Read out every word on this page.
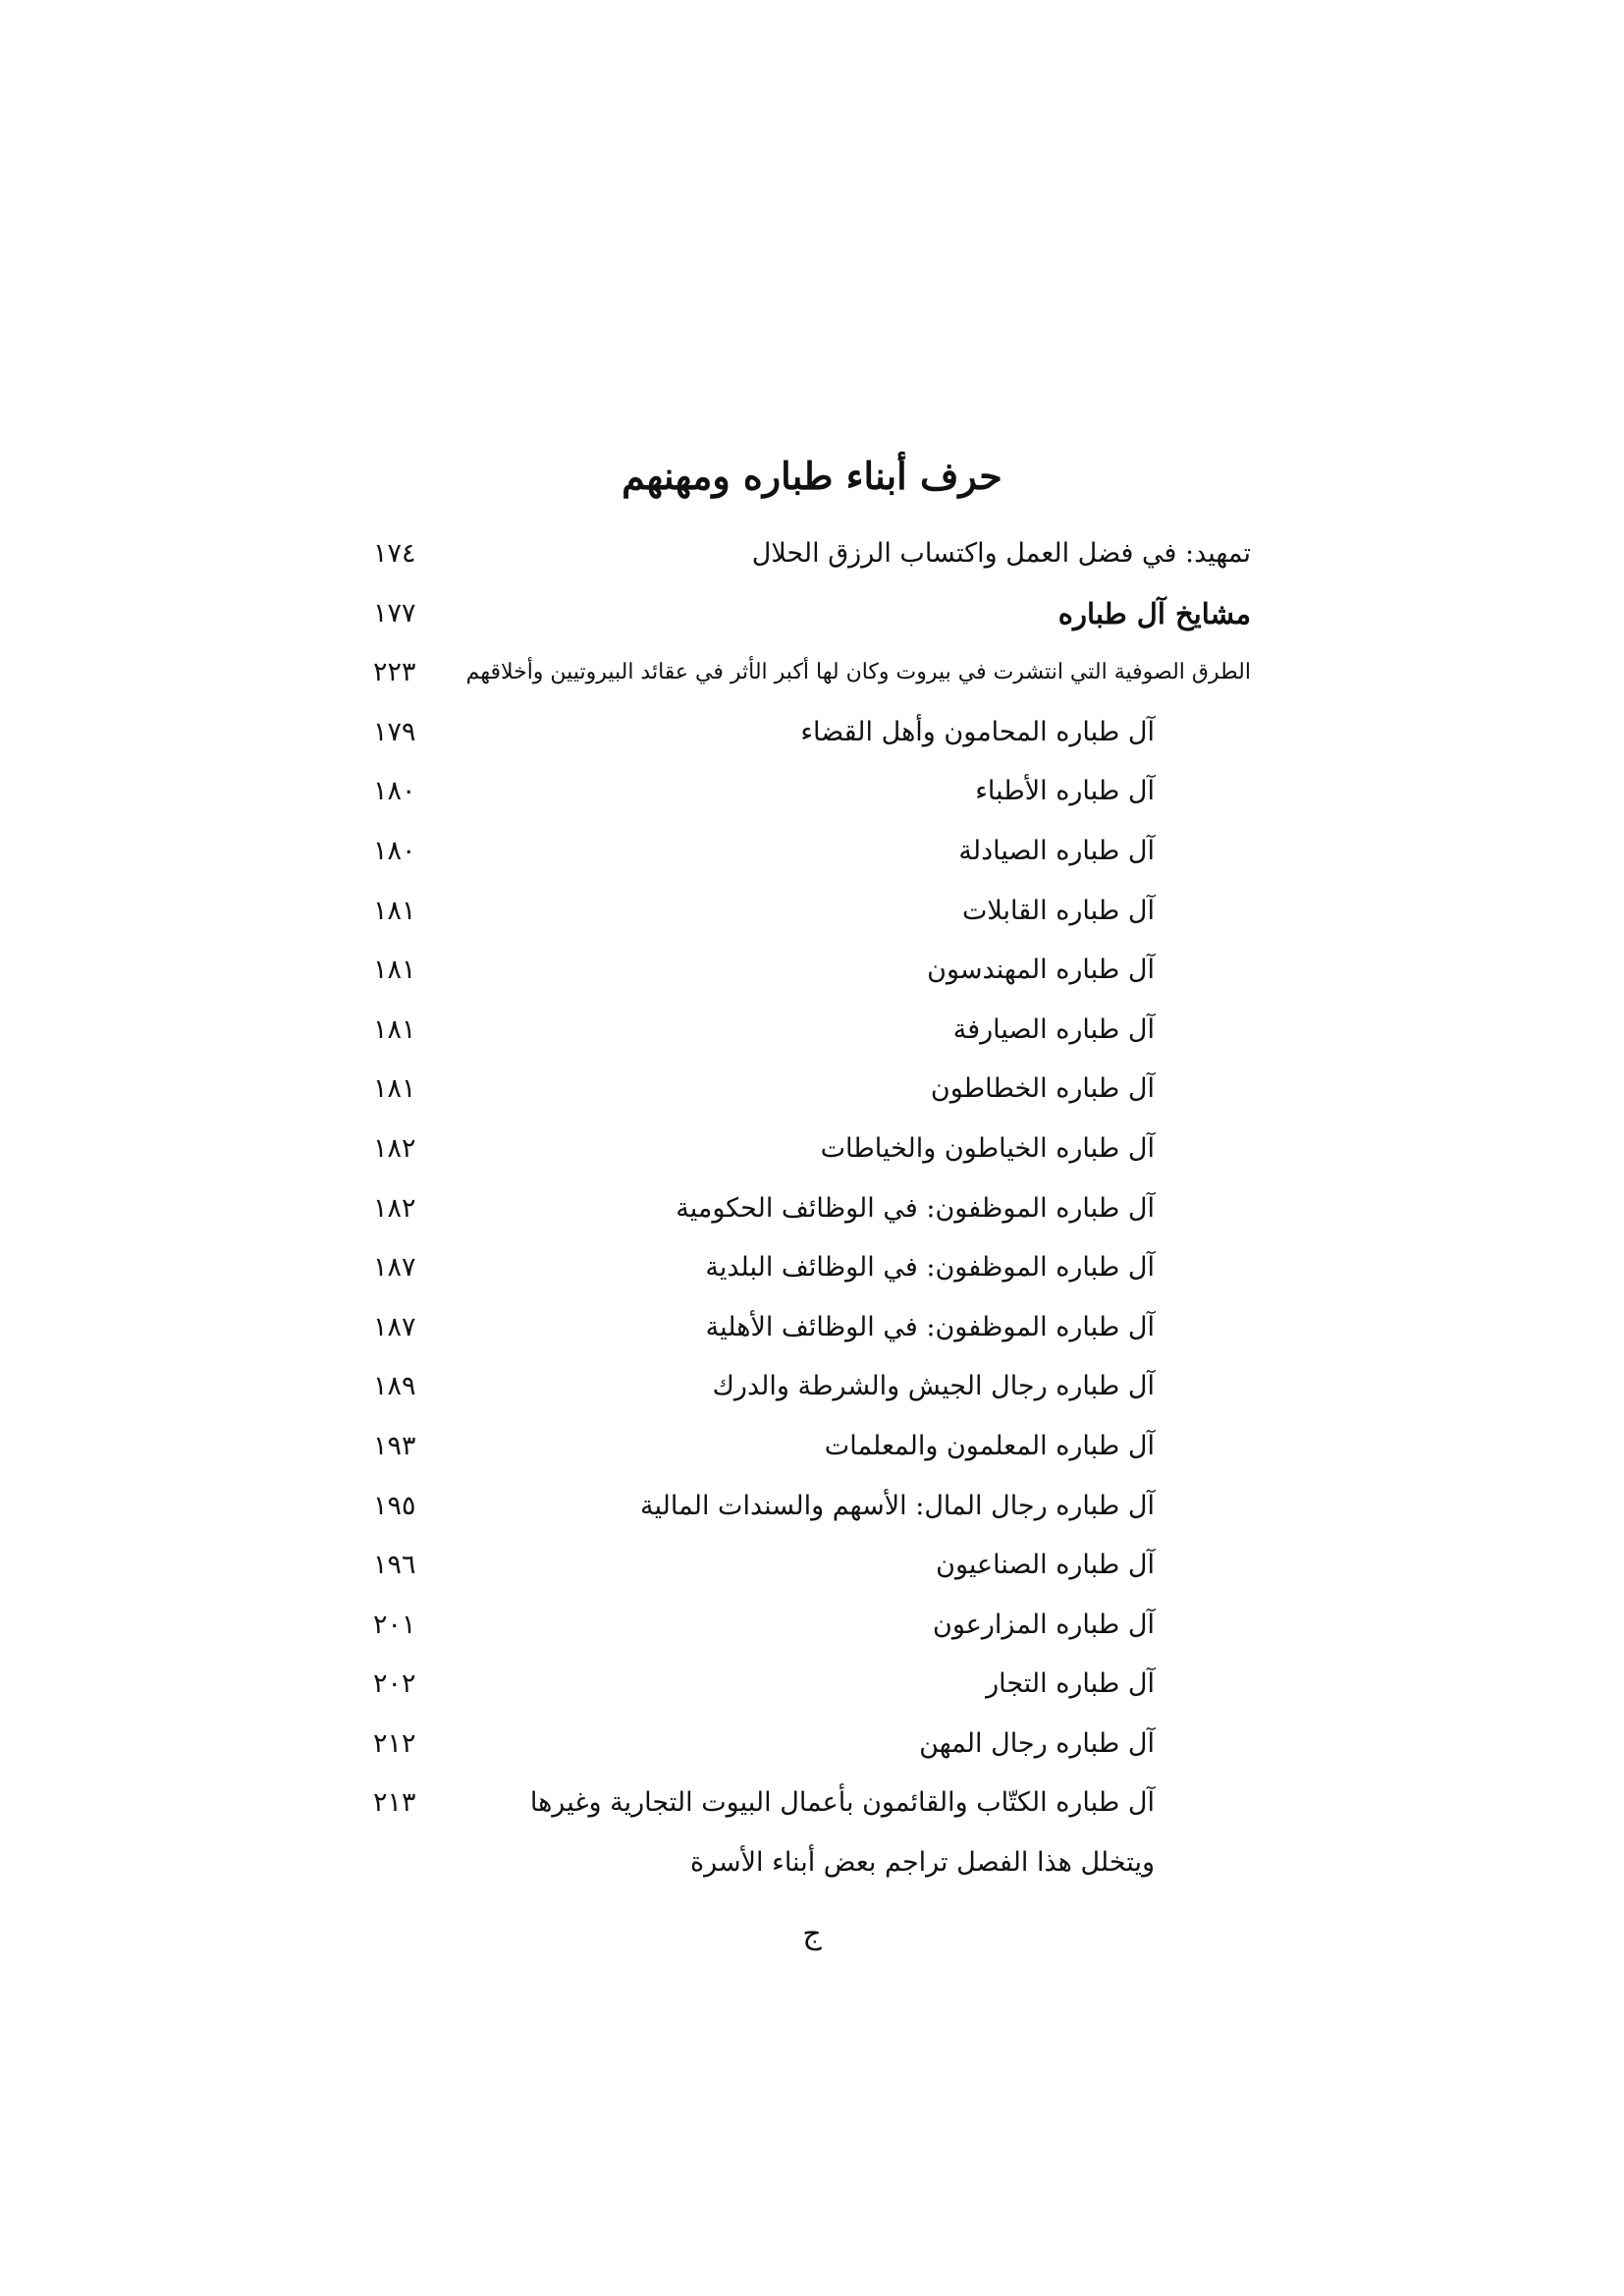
حرف أبناء طباره ومهنهم
تمهيد: في فضل العمل واكتساب الرزق الحلال
١٧٤
مشايخ آل طباره
١٧٧
الطرق الصوفية التي انتشرت في بيروت وكان لها أكبر الأثر في عقائد البيروتيين وأخلاقهم
٢٢٣
آل طباره المحامون وأهل القضاء
١٧٩
آل طباره الأطباء
١٨٠
آل طباره الصيادلة
١٨٠
آل طباره القابلات
١٨١
آل طباره المهندسون
١٨١
آل طباره الصيارفة
١٨١
آل طباره الخطاطون
١٨١
آل طباره الخياطون والخياطات
١٨٢
آل طباره الموظفون: في الوظائف الحكومية
١٨٢
آل طباره الموظفون: في الوظائف البلدية
١٨٧
آل طباره الموظفون: في الوظائف الأهلية
١٨٧
آل طباره رجال الجيش والشرطة والدرك
١٨٩
آل طباره المعلمون والمعلمات
١٩٣
آل طباره رجال المال: الأسهم والسندات المالية
١٩٥
آل طباره الصناعيون
١٩٦
آل طباره المزارعون
٢٠١
آل طباره التجار
٢٠٢
آل طباره رجال المهن
٢١٢
آل طباره الكتّاب والقائمون بأعمال البيوت التجارية وغيرها
٢١٣
ويتخلل هذا الفصل تراجم بعض أبناء الأسرة
ج
